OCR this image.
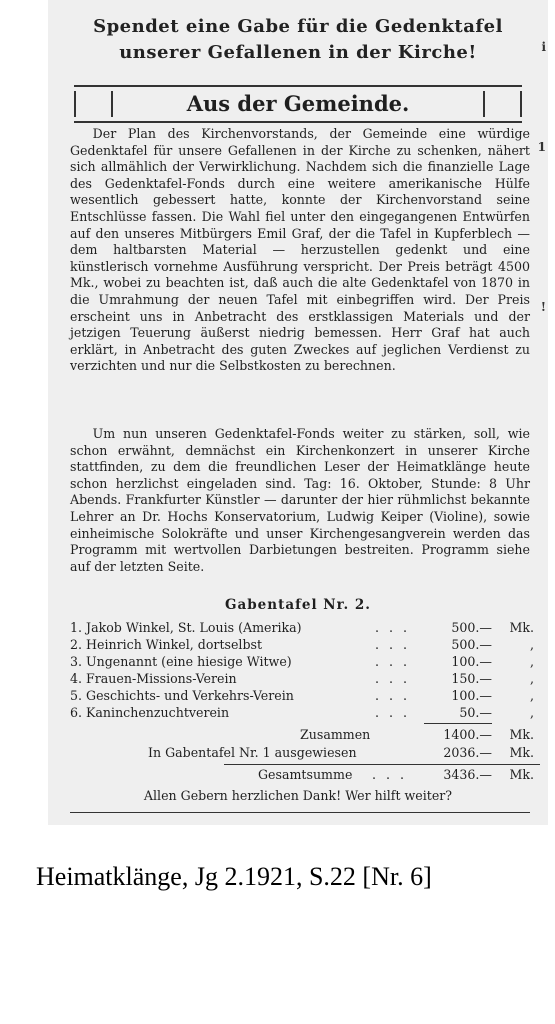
Spendet eine Gabe für die Gedenktafel
unserer Gefallenen in der Kirche!
Aus der Gemeinde.

Der Plan des Kirchenvorstands, der Gemeinde eine würdige Gedenktafel für unsere Gefallenen in der Kirche zu schenken, nähert sich allmählich der Verwirklichung. Nachdem sich die finanzielle Lage des Gedenktafel-Fonds durch eine weitere amerikanische Hülfe wesentlich gebessert hatte, konnte der Kirchenvorstand seine Entschlüsse fassen. Die Wahl fiel unter den eingegangenen Entwürfen auf den unseres Mitbürgers Emil Graf, der die Tafel in Kupferblech — dem haltbarsten Material — herzustellen gedenkt und eine künstlerisch vornehme Ausführung verspricht. Der Preis beträgt 4500 Mk., wobei zu beachten ist, daß auch die alte Gedenktafel von 1870 in die Umrahmung der neuen Tafel mit einbegriffen wird. Der Preis erscheint uns in Anbetracht des erstklassigen Materials und der jetzigen Teuerung äußerst niedrig bemessen. Herr Graf hat auch erklärt, in Anbetracht des guten Zweckes auf jeglichen Verdienst zu verzichten und nur die Selbstkosten zu berechnen.

Um nun unseren Gedenktafel-Fonds weiter zu stärken, soll, wie schon erwähnt, demnächst ein Kirchenkonzert in unserer Kirche stattfinden, zu dem die freundlichen Leser der Heimatklänge heute schon herzlichst eingeladen sind. Tag: 16. Oktober, Stunde: 8 Uhr Abends. Frankfurter Künstler — darunter der hier rühmlichst bekannte Lehrer an Dr. Hochs Konservatorium, Ludwig Keiper (Violine), sowie einheimische Solokräfte und unser Kirchengesangverein werden das Programm mit wertvollen Darbietungen bestreiten. Programm siehe auf der letzten Seite.

Gabentafel Nr. 2.
1. Jakob Winkel, St. Louis (Amerika)	. . .	500.— Mk.
2. Heinrich Winkel, dortselbst	. . .	500.—	,
3. Ungenannt (eine hiesige Witwe)	. . .	100.—	,
4. Frauen-Missions-Verein	. . .	150.—	,
5. Geschichts- und Verkehrs-Verein	. . .	100.—	,
6. Kaninchenzuchtverein	. . .	50.—	,
Zusammen	1400.— Mk.
In Gabentafel Nr. 1 ausgewiesen	2036.— Mk.
Gesamtsumme . . .	3436.— Mk.
Allen Gebern herzlichen Dank! Wer hilft weiter?
i
1
!
Heimatklänge, Jg 2.1921, S.22 [Nr. 6]
